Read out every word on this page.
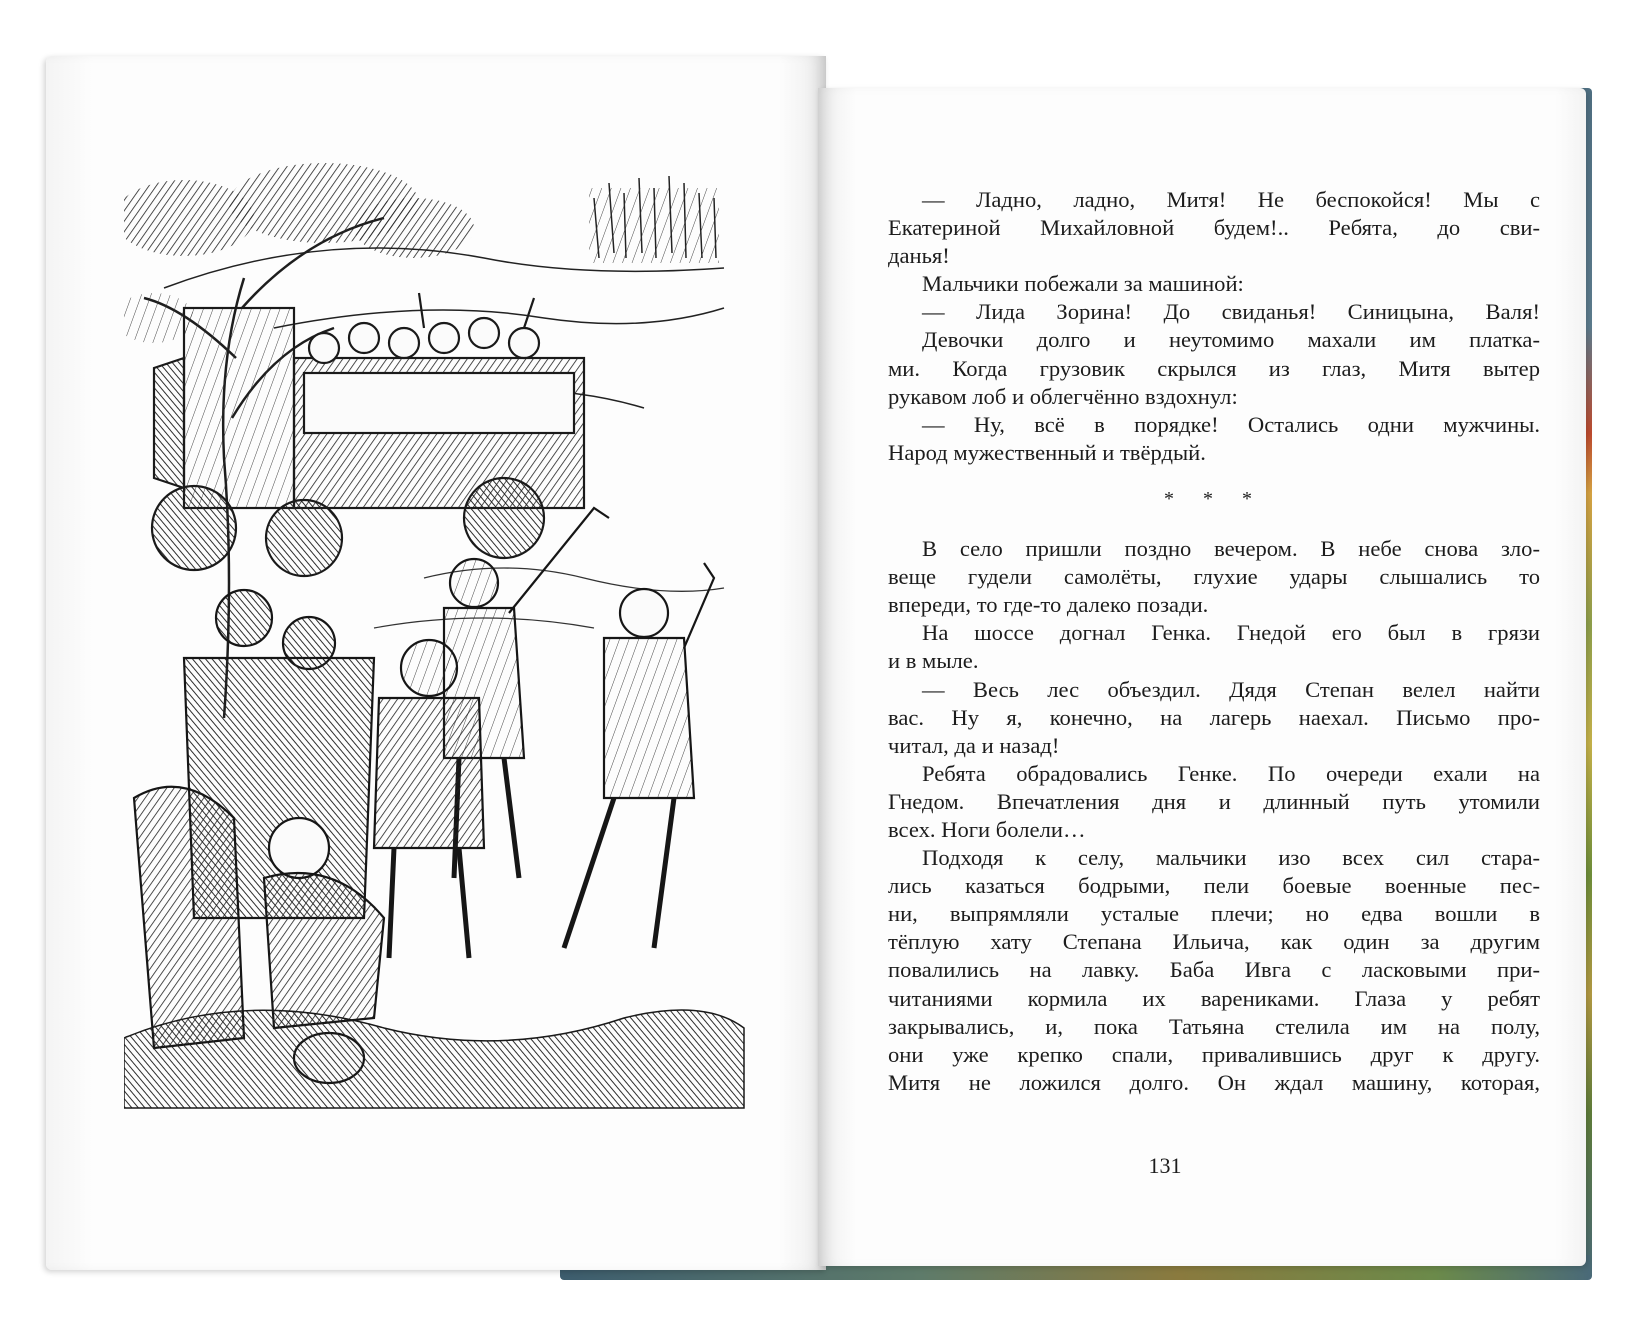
— Ладно, ладно, Митя! Не беспокойся! Мы с
Екатериной Михайловной будем!.. Ребята, до сви-
данья!
Мальчики побежали за машиной:
— Лида Зорина! До свиданья! Синицына, Валя!
Девочки долго и неутомимо махали им платка-
ми. Когда грузовик скрылся из глаз, Митя вытер
рукавом лоб и облегчённо вздохнул:
— Ну, всё в порядке! Остались одни мужчины.
Народ мужественный и твёрдый.
* * *
В село пришли поздно вечером. В небе снова зло-
веще гудели самолёты, глухие удары слышались то
впереди, то где-то далеко позади.
На шоссе догнал Генка. Гнедой его был в грязи
и в мыле.
— Весь лес объездил. Дядя Степан велел найти
вас. Ну я, конечно, на лагерь наехал. Письмо про-
читал, да и назад!
Ребята обрадовались Генке. По очереди ехали на
Гнедом. Впечатления дня и длинный путь утомили
всех. Ноги болели…
Подходя к селу, мальчики изо всех сил стара-
лись казаться бодрыми, пели боевые военные пес-
ни, выпрямляли усталые плечи; но едва вошли в
тёплую хату Степана Ильича, как один за другим
повалились на лавку. Баба Ивга с ласковыми при-
читаниями кормила их варениками. Глаза у ребят
закрывались, и, пока Татьяна стелила им на полу,
они уже крепко спали, привалившись друг к другу.
Митя не ложился долго. Он ждал машину, которая,
131
